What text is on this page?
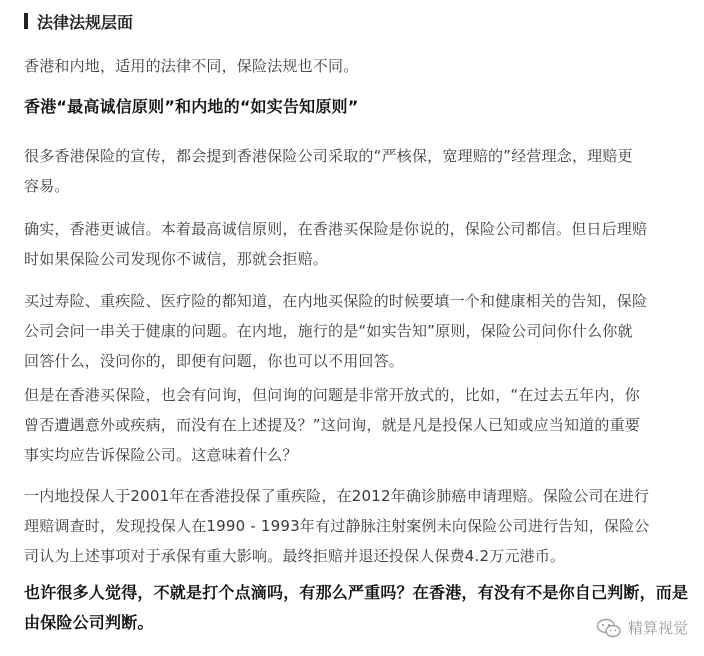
法律法规层面

香港和内地，适用的法律不同，保险法规也不同。

香港“最高诚信原则”和内地的“如实告知原则”

很多香港保险的宣传，都会提到香港保险公司采取的“严核保，宽理赔的”经营理念，理赔更
容易。

确实，香港更诚信。本着最高诚信原则，在香港买保险是你说的，保险公司都信。但日后理赔
时如果保险公司发现你不诚信，那就会拒赔。

买过寿险、重疾险、医疗险的都知道，在内地买保险的时候要填一个和健康相关的告知，保险
公司会问一串关于健康的问题。在内地，施行的是“如实告知”原则，保险公司问你什么你就
回答什么，没问你的，即便有问题，你也可以不用回答。

但是在香港买保险，也会有问询，但问询的问题是非常开放式的，比如，“在过去五年内，你
曾否遭遇意外或疾病，而没有在上述提及？”这问询，就是凡是投保人已知或应当知道的重要
事实均应告诉保险公司。这意味着什么？

一内地投保人于2001年在香港投保了重疾险，在2012年确诊肺癌申请理赔。保险公司在进行
理赔调查时，发现投保人在1990 - 1993年有过静脉注射案例未向保险公司进行告知，保险公
司认为上述事项对于承保有重大影响。最终拒赔并退还投保人保费4.2万元港币。

也许很多人觉得，不就是打个点滴吗，有那么严重吗？在香港，有没有不是你自己判断，而是
由保险公司判断。	精算视觉
